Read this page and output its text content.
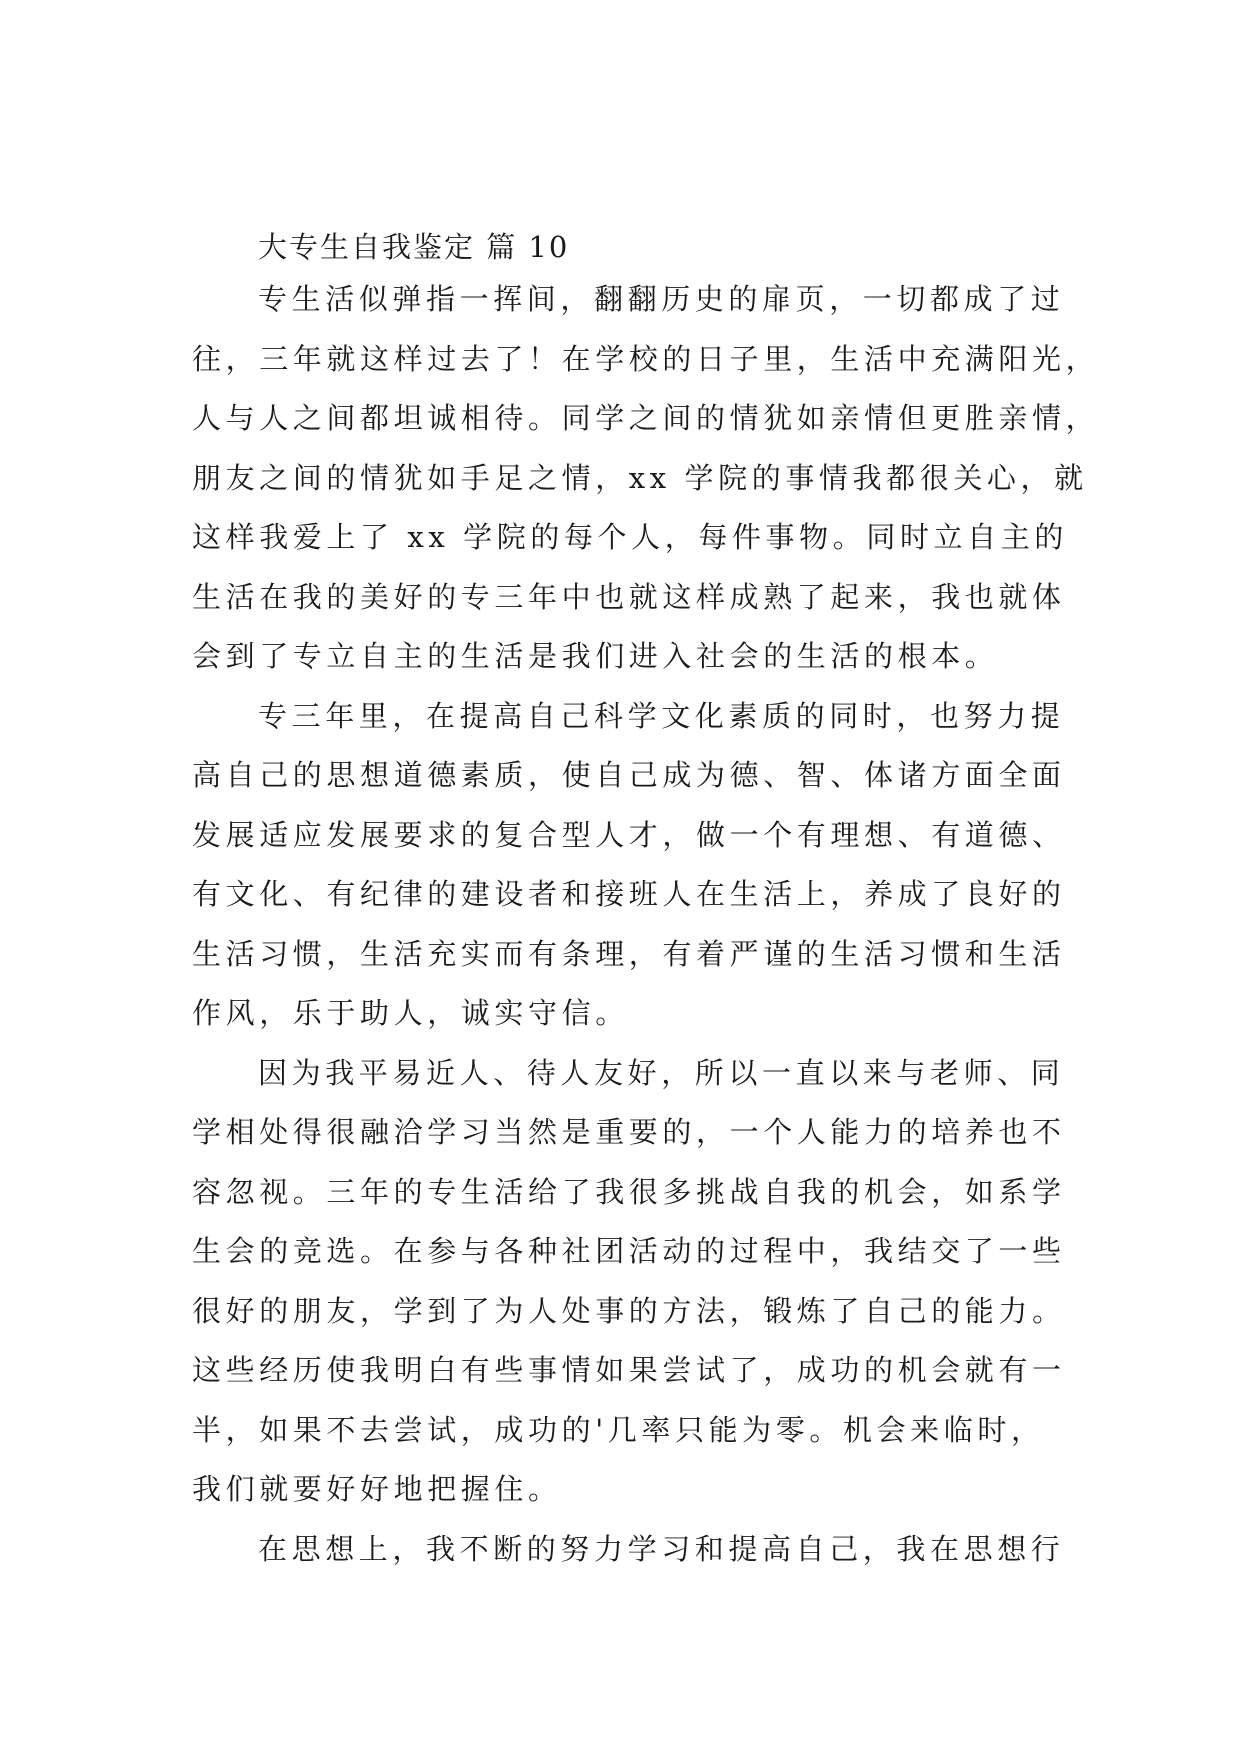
大专生自我鉴定 篇 10
专生活似弹指一挥间，翻翻历史的扉页，一切都成了过
往，三年就这样过去了！在学校的日子里，生活中充满阳光，
人与人之间都坦诚相待。同学之间的情犹如亲情但更胜亲情，
朋友之间的情犹如手足之情，xx 学院的事情我都很关心，就
这样我爱上了 xx 学院的每个人，每件事物。同时立自主的
生活在我的美好的专三年中也就这样成熟了起来，我也就体
会到了专立自主的生活是我们进入社会的生活的根本。
专三年里，在提高自己科学文化素质的同时，也努力提
高自己的思想道德素质，使自己成为德、智、体诸方面全面
发展适应发展要求的复合型人才，做一个有理想、有道德、
有文化、有纪律的建设者和接班人在生活上，养成了良好的
生活习惯，生活充实而有条理，有着严谨的生活习惯和生活
作风，乐于助人，诚实守信。
因为我平易近人、待人友好，所以一直以来与老师、同
学相处得很融洽学习当然是重要的，一个人能力的培养也不
容忽视。三年的专生活给了我很多挑战自我的机会，如系学
生会的竞选。在参与各种社团活动的过程中，我结交了一些
很好的朋友，学到了为人处事的方法，锻炼了自己的能力。
这些经历使我明白有些事情如果尝试了，成功的机会就有一
半，如果不去尝试，成功的'几率只能为零。机会来临时，
我们就要好好地把握住。
在思想上，我不断的努力学习和提高自己，我在思想行
